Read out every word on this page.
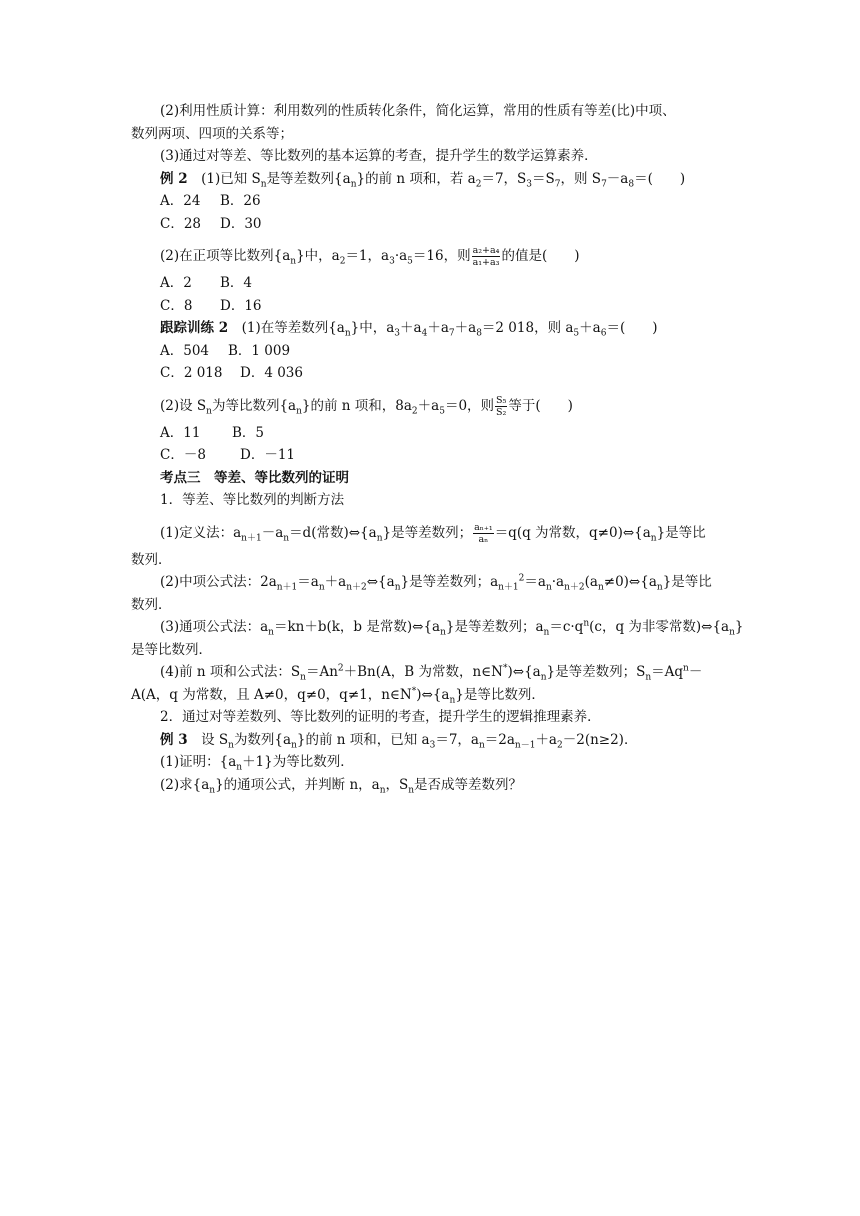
(2)利用性质计算：利用数列的性质转化条件，简化运算，常用的性质有等差(比)中项、
数列两项、四项的关系等；
(3)通过对等差、等比数列的基本运算的考查，提升学生的数学运算素养．
例 2　 (1)已知 $S_n$是等差数列$\{a_n\}$的前 n 项和，若 $a_2=7$，$S_3=S_7$，则 $S_7-a_8=$(　　)
A．24 B．26
C．28 D．30
(2)在正项等比数列$\{a_n\}$中，$a_2=1$，$a_3\cdot a_5=16$，则 $\frac{\text{a₂+a₄}}{\text{a₁+a₃}}$ 的值是(　　)
A．2 B．4
C．8 D．16
跟踪训练 2　 (1)在等差数列$\{a_n\}$中，$a_3+a_4+a_7+a_8=2$ 018，则 $a_5+a_6=$(　　)
A．504 B．1 009
C．2 018 D．4 036
(2)设 $S_n$为等比数列$\{a_n\}$的前 n 项和，$8a_2+a_5=0$，则 $\frac{\text{S₅}}{\text{S₂}}$ 等于(　　)
A．11 B．5
C．－8	D．－11
考点三　等差、等比数列的证明
1．等差、等比数列的判断方法
(1)定义法：$a_{n+1}-a_n=d$(常数)$\Leftrightarrow\{a_n\}$是等差数列； $\frac{\text{aₙ₊₁}}{\text{aₙ}} =q(q$ 为常数，$q\ne 0)\Leftrightarrow\{a_n\}$是等比
数列．
(2)中项公式法：$2a_{n+1}=a_n+a_{n+2}\Leftrightarrow\{a_n\}$是等差数列；$a_{n+1}^2=a_n\cdot a_{n+2}(a_n\ne 0)\Leftrightarrow\{a_n\}$是等比
数列．
(3)通项公式法：$a_n=kn+b(k$，b 是常数)$\Leftrightarrow\{a_n\}$是等差数列；$a_n=c\cdot q^n(c$，q 为非零常数)$\Leftrightarrow\{a_n\}$
是等比数列．
(4)前 n 项和公式法：$S_n=An^2+Bn(A$，B 为常数，$n\in N^*)\Leftrightarrow\{a_n\}$是等差数列；$S_n=Aq^n-$
A(A，q 为常数，且 A≠0，q≠0，q≠1，$n\in N^*)\Leftrightarrow\{a_n\}$是等比数列．
2．通过对等差数列、等比数列的证明的考查，提升学生的逻辑推理素养．
例 3　 设 $S_n$为数列$\{a_n\}$的前 n 项和，已知 $a_3=7$，$a_n=2a_{n-1}+a_2-2(n\ge 2)$．
(1)证明：$\{a_n+1\}$为等比数列．
(2)求$\{a_n\}$的通项公式，并判断 n，$a_n$，$S_n$是否成等差数列？
